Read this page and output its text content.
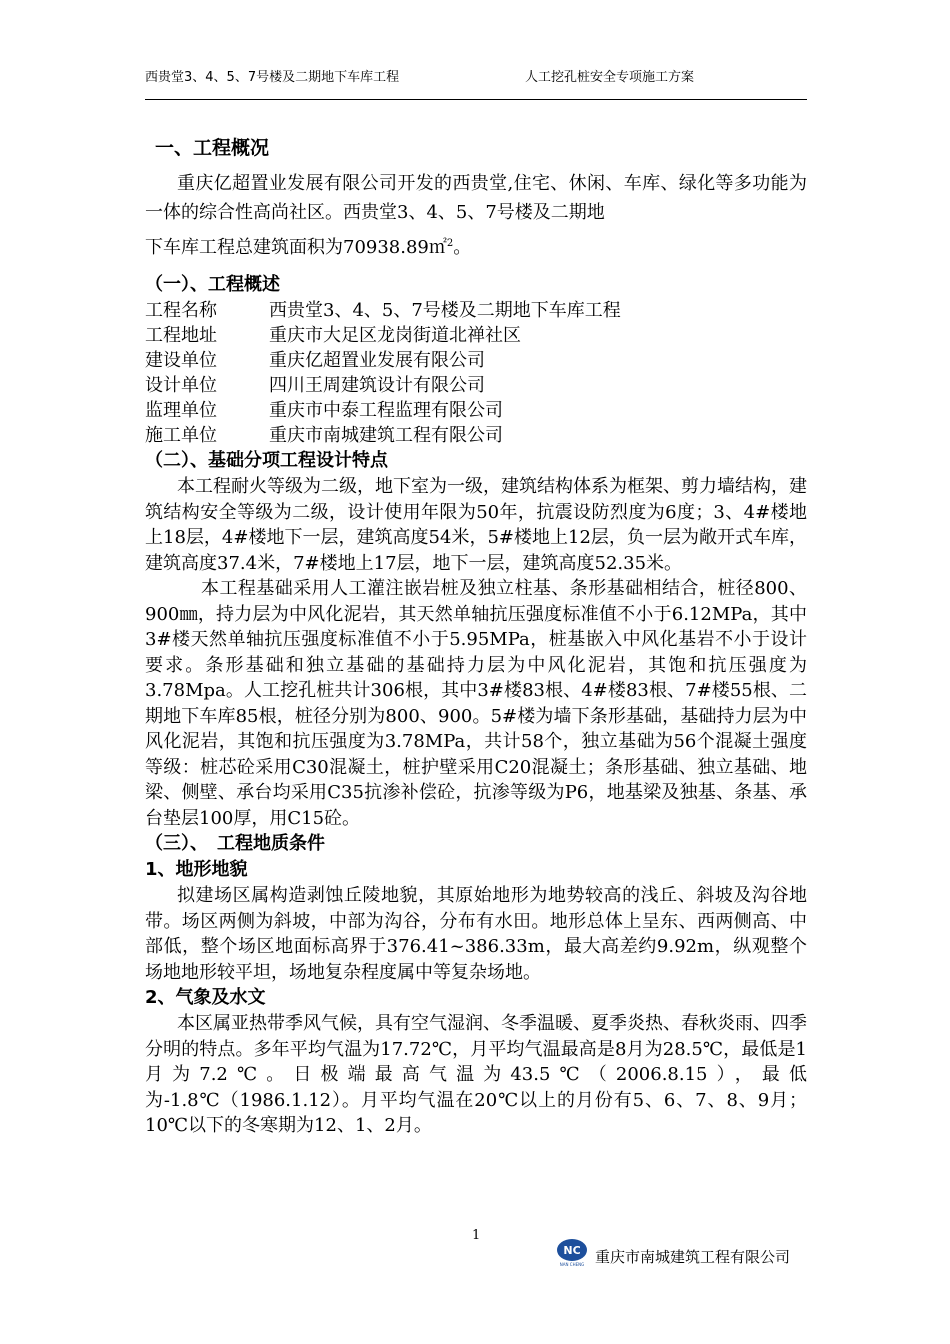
西贵堂3、4、5、7号楼及二期地下车库工程	人工挖孔桩安全专项施工方案
一、工程概况

重庆亿超置业发展有限公司开发的西贵堂,住宅、休闲、车库、绿化等多功能为一体的综合性高尚社区。西贵堂3、4、5、7号楼及二期地

下车库工程总建筑面积为70938.89㎡$^2$。

（一）、工程概述
工程名称	西贵堂3、4、5、7号楼及二期地下车库工程
工程地址	重庆市大足区龙岗街道北禅社区
建设单位	重庆亿超置业发展有限公司
设计单位	四川王周建筑设计有限公司
监理单位	重庆市中泰工程监理有限公司
施工单位	重庆市南城建筑工程有限公司
（二）、基础分项工程设计特点

本工程耐火等级为二级，地下室为一级，建筑结构体系为框架、剪力墙结构，建筑结构安全等级为二级，设计使用年限为50年，抗震设防烈度为6度；3、4#楼地上18层，4#楼地下一层，建筑高度54米，5#楼地上12层，负一层为敞开式车库，建筑高度37.4米，7#楼地上17层，地下一层，建筑高度52.35米。

本工程基础采用人工灌注嵌岩桩及独立柱基、条形基础相结合，桩径800、900㎜，持力层为中风化泥岩，其天然单轴抗压强度标准值不小于6.12MPa，其中3#楼天然单轴抗压强度标准值不小于5.95MPa，桩基嵌入中风化基岩不小于设计要求。条形基础和独立基础的基础持力层为中风化泥岩，其饱和抗压强度为3.78Mpa。人工挖孔桩共计306根，其中3#楼83根、4#楼83根、7#楼55根、二期地下车库85根，桩径分别为800、900。5#楼为墙下条形基础，基础持力层为中风化泥岩，其饱和抗压强度为3.78MPa，共计58个，独立基础为56个混凝土强度等级：桩芯砼采用C30混凝土，桩护壁采用C20混凝土；条形基础、独立基础、地梁、侧壁、承台均采用C35抗渗补偿砼，抗渗等级为P6，地基梁及独基、条基、承台垫层100厚，用C15砼。

（三）、　工程地质条件
1、地形地貌

拟建场区属构造剥蚀丘陵地貌，其原始地形为地势较高的浅丘、斜坡及沟谷地带。场区两侧为斜坡，中部为沟谷，分布有水田。地形总体上呈东、西两侧高、中部低，整个场区地面标高界于376.41~386.33m，最大高差约9.92m，纵观整个场地地形较平坦，场地复杂程度属中等复杂场地。

2、气象及水文

本区属亚热带季风气候，具有空气湿润、冬季温暖、夏季炎热、春秋炎雨、四季分明的特点。多年平均气温为17.72℃，月平均气温最高是8月为28.5℃，最低是1月为7.2℃。日极端最高气温为43.5℃（2006.8.15），最低为-1.8℃（1986.1.12）。月平均气温在20℃以上的月份有5、6、7、8、9月；10℃以下的冬寒期为12、1、2月。

1
NC
NAN CHENG 重庆市南城建筑工程有限公司
